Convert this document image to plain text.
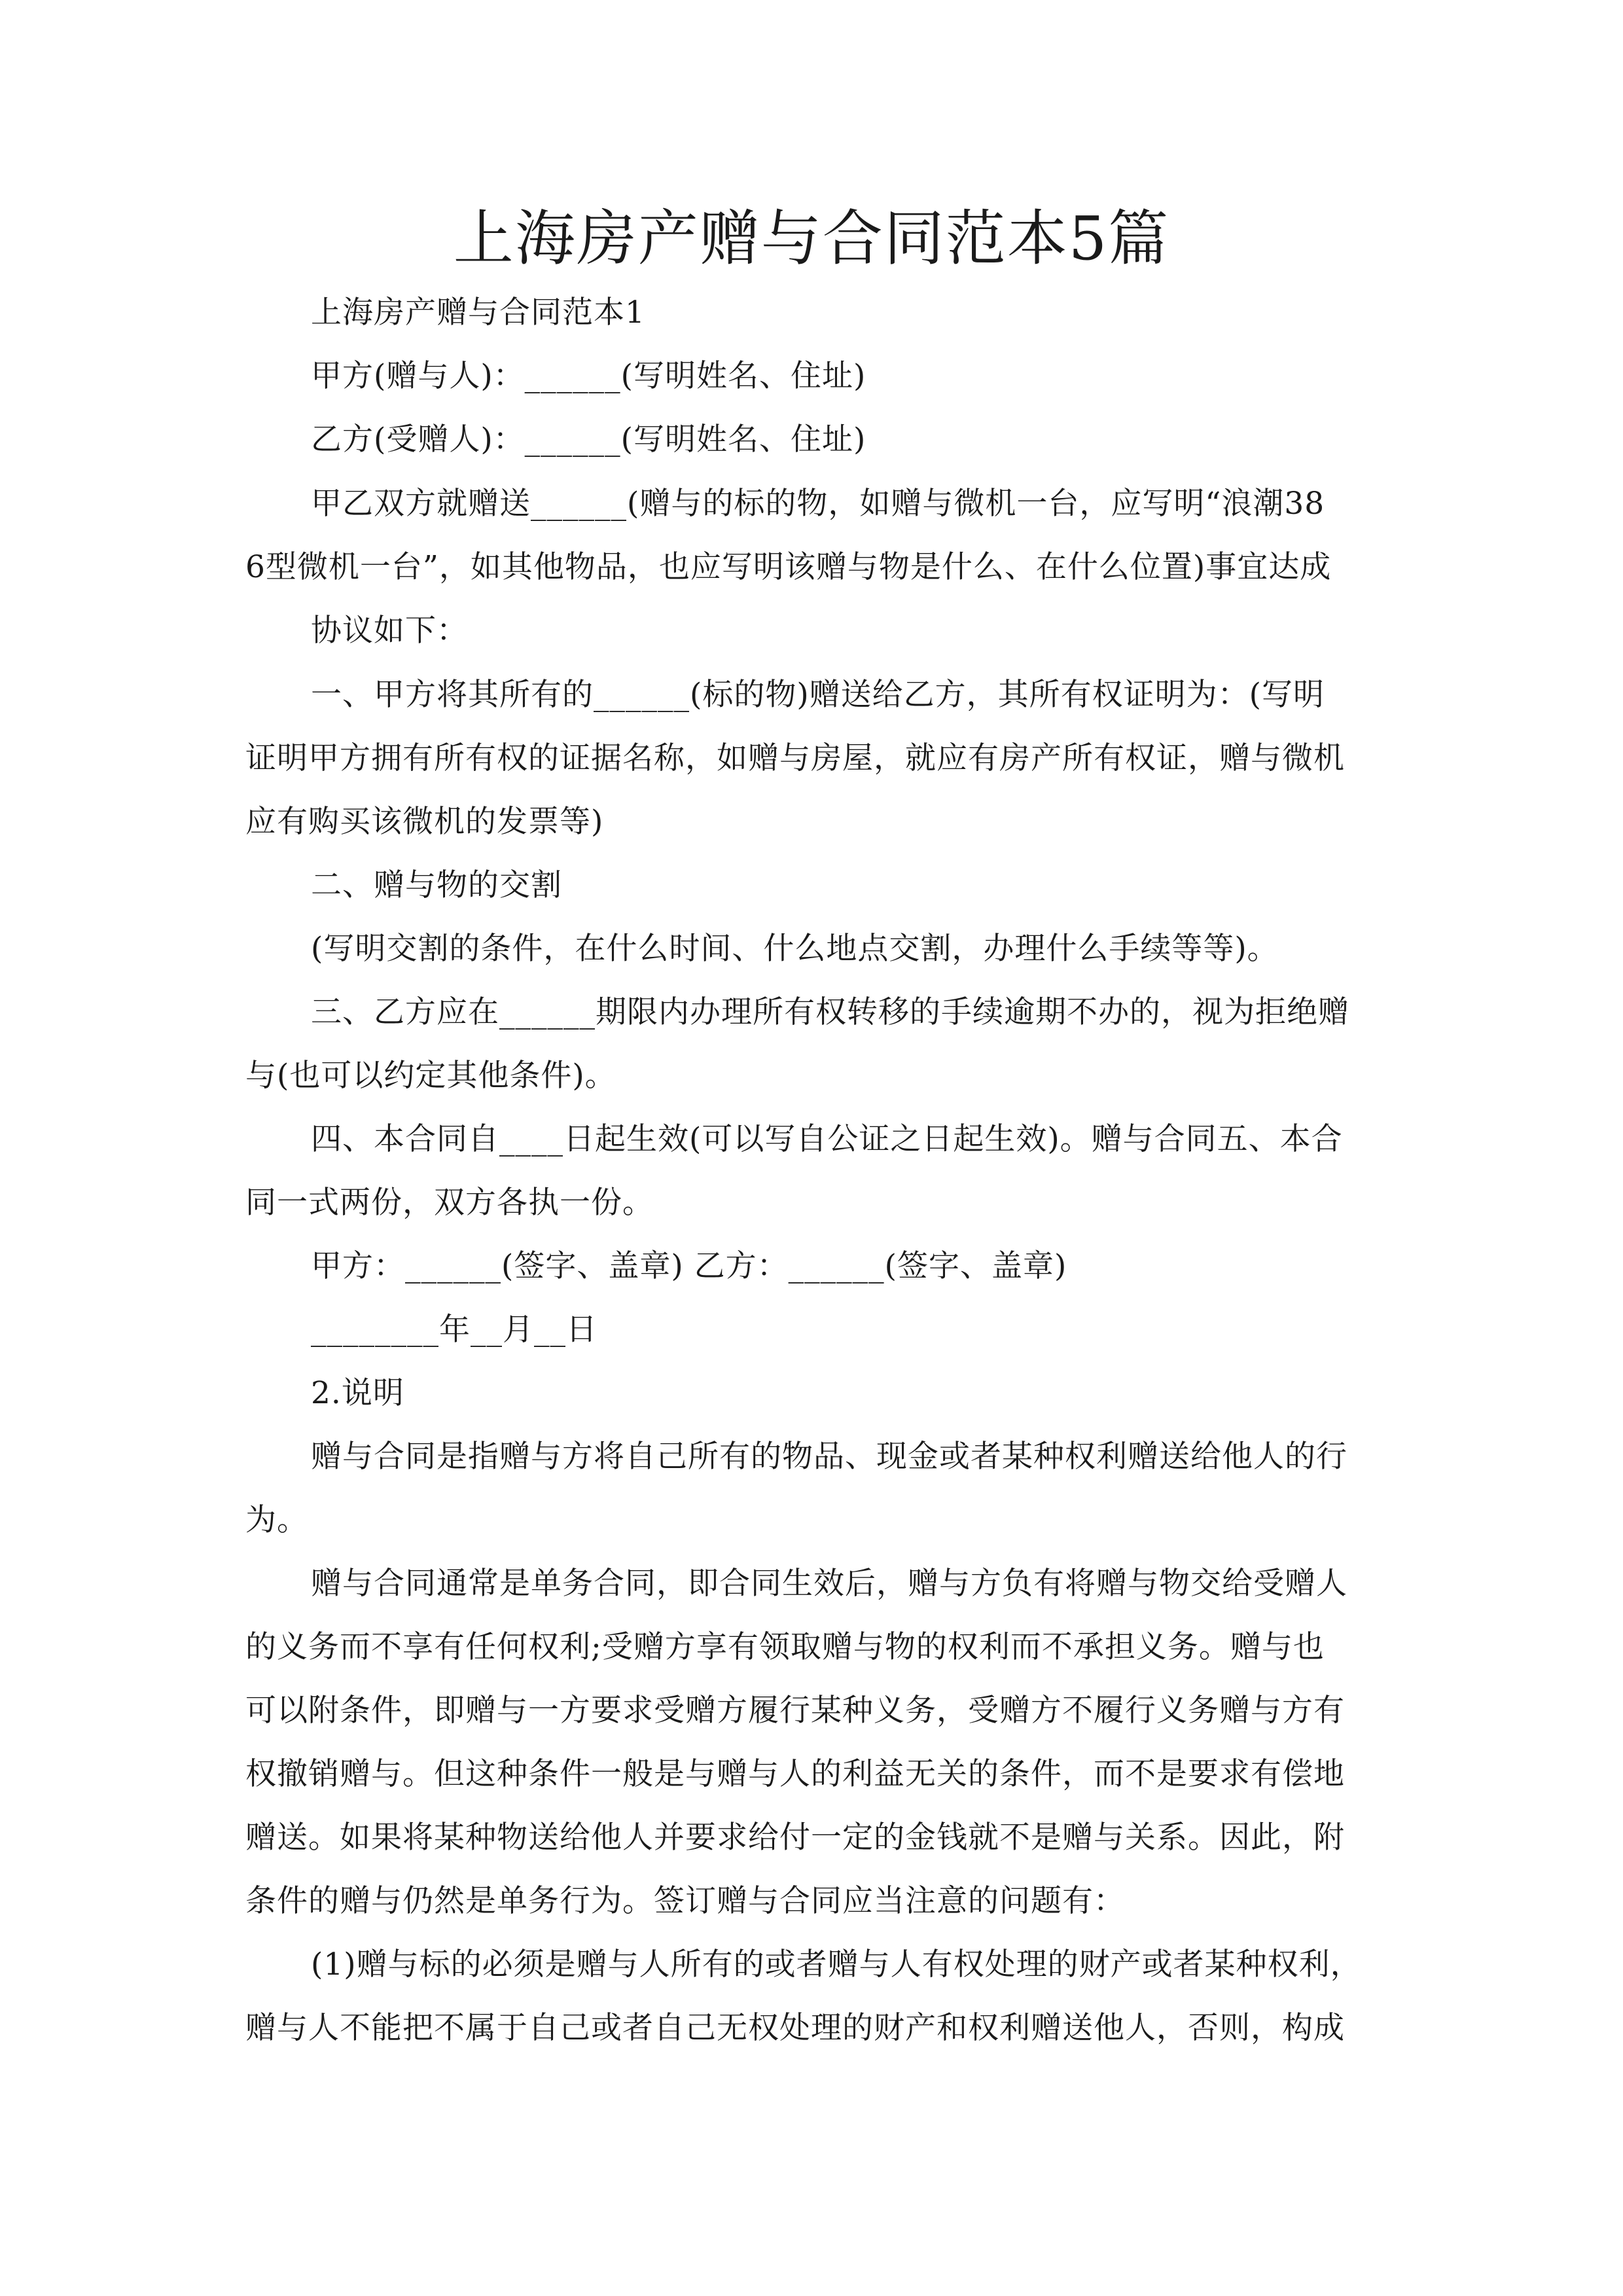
上海房产赠与合同范本5篇
上海房产赠与合同范本1
甲方(赠与人)：______(写明姓名、住址)
乙方(受赠人)：______(写明姓名、住址)
甲乙双方就赠送______(赠与的标的物，如赠与微机一台，应写明“浪潮38
6型微机一台”，如其他物品，也应写明该赠与物是什么、在什么位置)事宜达成
协议如下：
一、甲方将其所有的______(标的物)赠送给乙方，其所有权证明为：(写明
证明甲方拥有所有权的证据名称，如赠与房屋，就应有房产所有权证，赠与微机
应有购买该微机的发票等)
二、赠与物的交割
(写明交割的条件，在什么时间、什么地点交割，办理什么手续等等)。
三、乙方应在______期限内办理所有权转移的手续逾期不办的，视为拒绝赠
与(也可以约定其他条件)。
四、本合同自____日起生效(可以写自公证之日起生效)。赠与合同五、本合
同一式两份，双方各执一份。
甲方：______(签字、盖章) 乙方：______(签字、盖章)
________年__月__日
2.说明
赠与合同是指赠与方将自己所有的物品、现金或者某种权利赠送给他人的行
为。
赠与合同通常是单务合同，即合同生效后，赠与方负有将赠与物交给受赠人
的义务而不享有任何权利;受赠方享有领取赠与物的权利而不承担义务。赠与也
可以附条件，即赠与一方要求受赠方履行某种义务，受赠方不履行义务赠与方有
权撤销赠与。但这种条件一般是与赠与人的利益无关的条件，而不是要求有偿地
赠送。如果将某种物送给他人并要求给付一定的金钱就不是赠与关系。因此，附
条件的赠与仍然是单务行为。签订赠与合同应当注意的问题有：
(1)赠与标的必须是赠与人所有的或者赠与人有权处理的财产或者某种权利，
赠与人不能把不属于自己或者自己无权处理的财产和权利赠送他人，否则，构成
